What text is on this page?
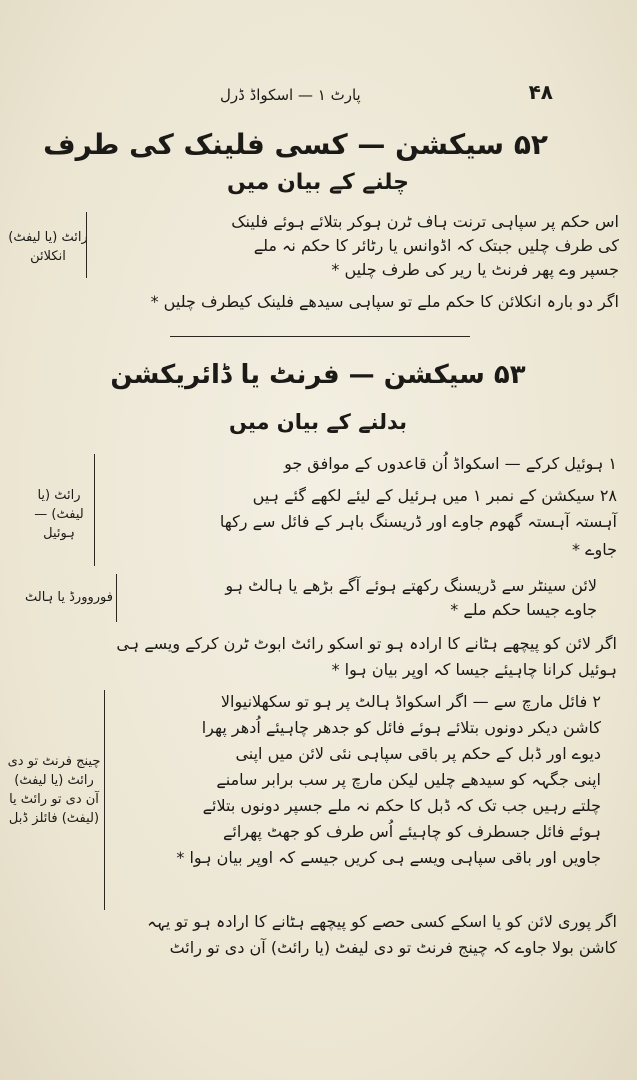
۴۸
پارٹ ۱ — اسکواڈ ڈرل
۵۲ سیکشن — کسی فلینک کی طرف
چلنے کے بیان میں
رائٹ (یا لیفٹ) انکلائن
اس حکم پر سپاہی ترنت ہاف ٹرن ہوکر بتلائے ہوئے فلینک
کی طرف چلیں جبتک کہ اڈوانس یا رٹائر کا حکم نہ ملے
جسپر وے پھر فرنٹ یا ریر کی طرف چلیں *
اگر دو بارہ انکلائن کا حکم ملے تو سپاہی سیدھے فلینک کیطرف چلیں *
۵۳ سیکشن — فرنٹ یا ڈائریکشن
بدلنے کے بیان میں
رائٹ (یا لیفٹ) — ہوئیل
۱ ہوئیل کرکے — اسکواڈ اُن قاعدوں کے موافق جو
۲۸ سیکشن کے نمبر ۱ میں ہرئیل کے لیئے لکھے گئے ہیں
آہستہ آہستہ گھوم جاوے اور ڈریسنگ باہر کے فائل سے رکھا
جاوے *
فوروورڈ یا ہالٹ
لائن سینٹر سے ڈریسنگ رکھتے ہوئے آگے بڑھے یا ہالٹ ہو
جاوے جیسا حکم ملے *
اگر لائن کو پیچھے ہٹانے کا ارادہ ہو تو اسکو رائٹ ابوٹ ٹرن کرکے ویسے ہی
ہوئیل کرانا چاہیئے جیسا کہ اوپر بیان ہوا *
چینج فرنٹ تو دی رائٹ (یا لیفٹ) آن دی تو رائٹ یا (لیفٹ) فائلز ڈبل
۲ فائل مارچ سے — اگر اسکواڈ ہالٹ پر ہو تو سکھلانیوالا
کاشن دیکر دونوں بتلائے ہوئے فائل کو جدھر چاہیئے اُدھر پھرا
دیوے اور ڈبل کے حکم پر باقی سپاہی نئی لائن میں اپنی
اپنی جگہہ کو سیدھے چلیں لیکن مارچ پر سب برابر سامنے
چلتے رہیں جب تک کہ ڈبل کا حکم نہ ملے جسپر دونوں بتلائے
ہوئے فائل جسطرف کو چاہیئے اُس طرف کو جھٹ پھرائے
جاویں اور باقی سپاہی ویسے ہی کریں جیسے کہ اوپر بیان ہوا *
اگر پوری لائن کو یا اسکے کسی حصے کو پیچھے ہٹانے کا ارادہ ہو تو یہہ
کاشن بولا جاوے کہ چینج فرنٹ تو دی لیفٹ (یا رائٹ) آن دی تو رائٹ
